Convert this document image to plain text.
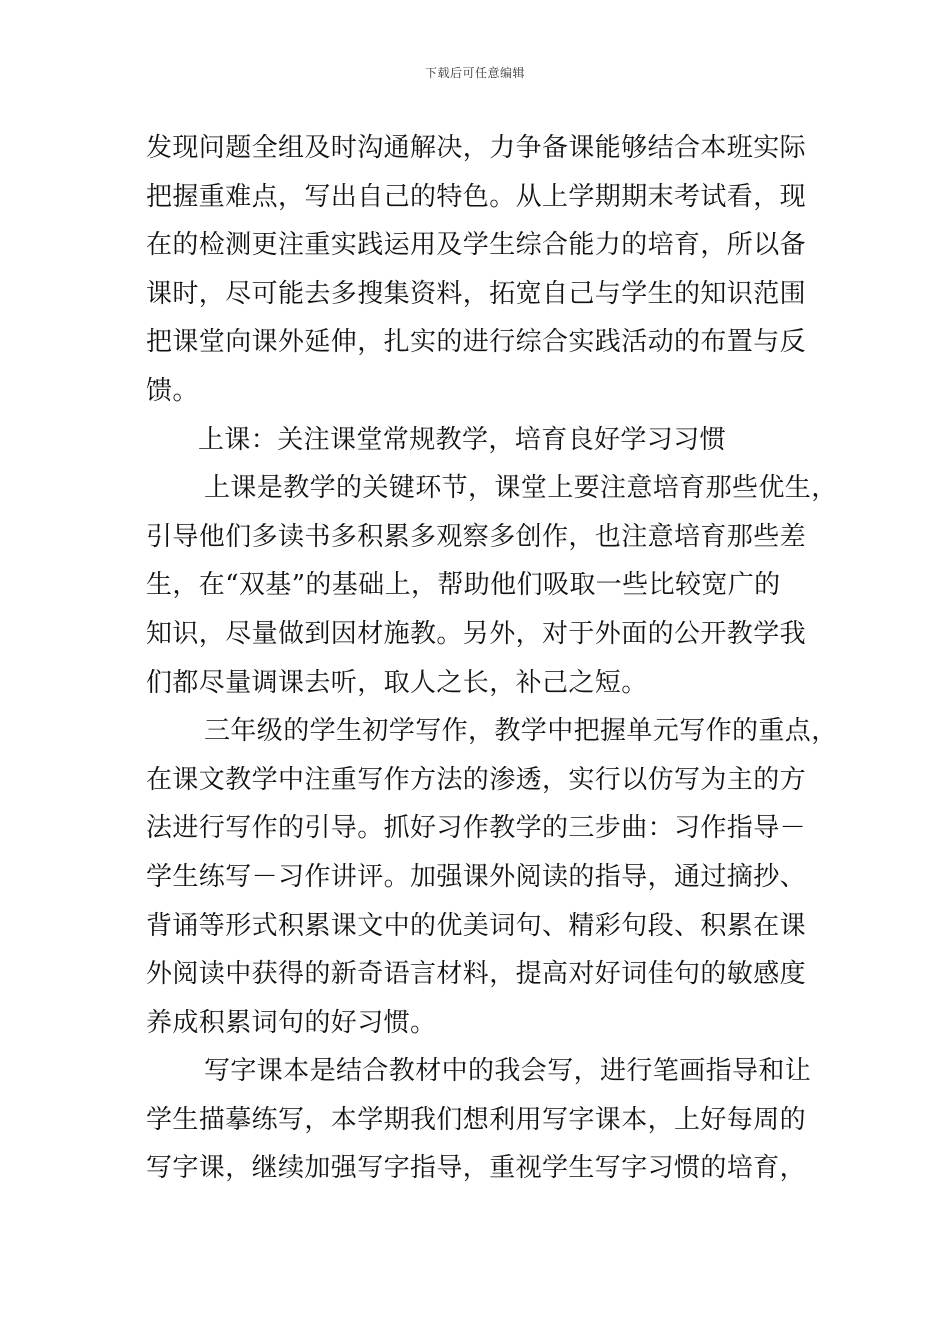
下载后可任意编辑
发现问题全组及时沟通解决，力争备课能够结合本班实际
把握重难点，写出自己的特色。从上学期期末考试看，现
在的检测更注重实践运用及学生综合能力的培育，所以备
课时，尽可能去多搜集资料，拓宽自己与学生的知识范围
把课堂向课外延伸，扎实的进行综合实践活动的布置与反
馈。
上课：关注课堂常规教学，培育良好学习习惯
上课是教学的关键环节，课堂上要注意培育那些优生，
引导他们多读书多积累多观察多创作，也注意培育那些差
生，在“双基”的基础上，帮助他们吸取一些比较宽广的
知识，尽量做到因材施教。另外，对于外面的公开教学我
们都尽量调课去听，取人之长，补己之短。
三年级的学生初学写作，教学中把握单元写作的重点，
在课文教学中注重写作方法的渗透，实行以仿写为主的方
法进行写作的引导。抓好习作教学的三步曲：习作指导－
学生练写－习作讲评。加强课外阅读的指导，通过摘抄、
背诵等形式积累课文中的优美词句、精彩句段、积累在课
外阅读中获得的新奇语言材料，提高对好词佳句的敏感度
养成积累词句的好习惯。
写字课本是结合教材中的我会写，进行笔画指导和让
学生描摹练写，本学期我们想利用写字课本，上好每周的
写字课，继续加强写字指导，重视学生写字习惯的培育，
